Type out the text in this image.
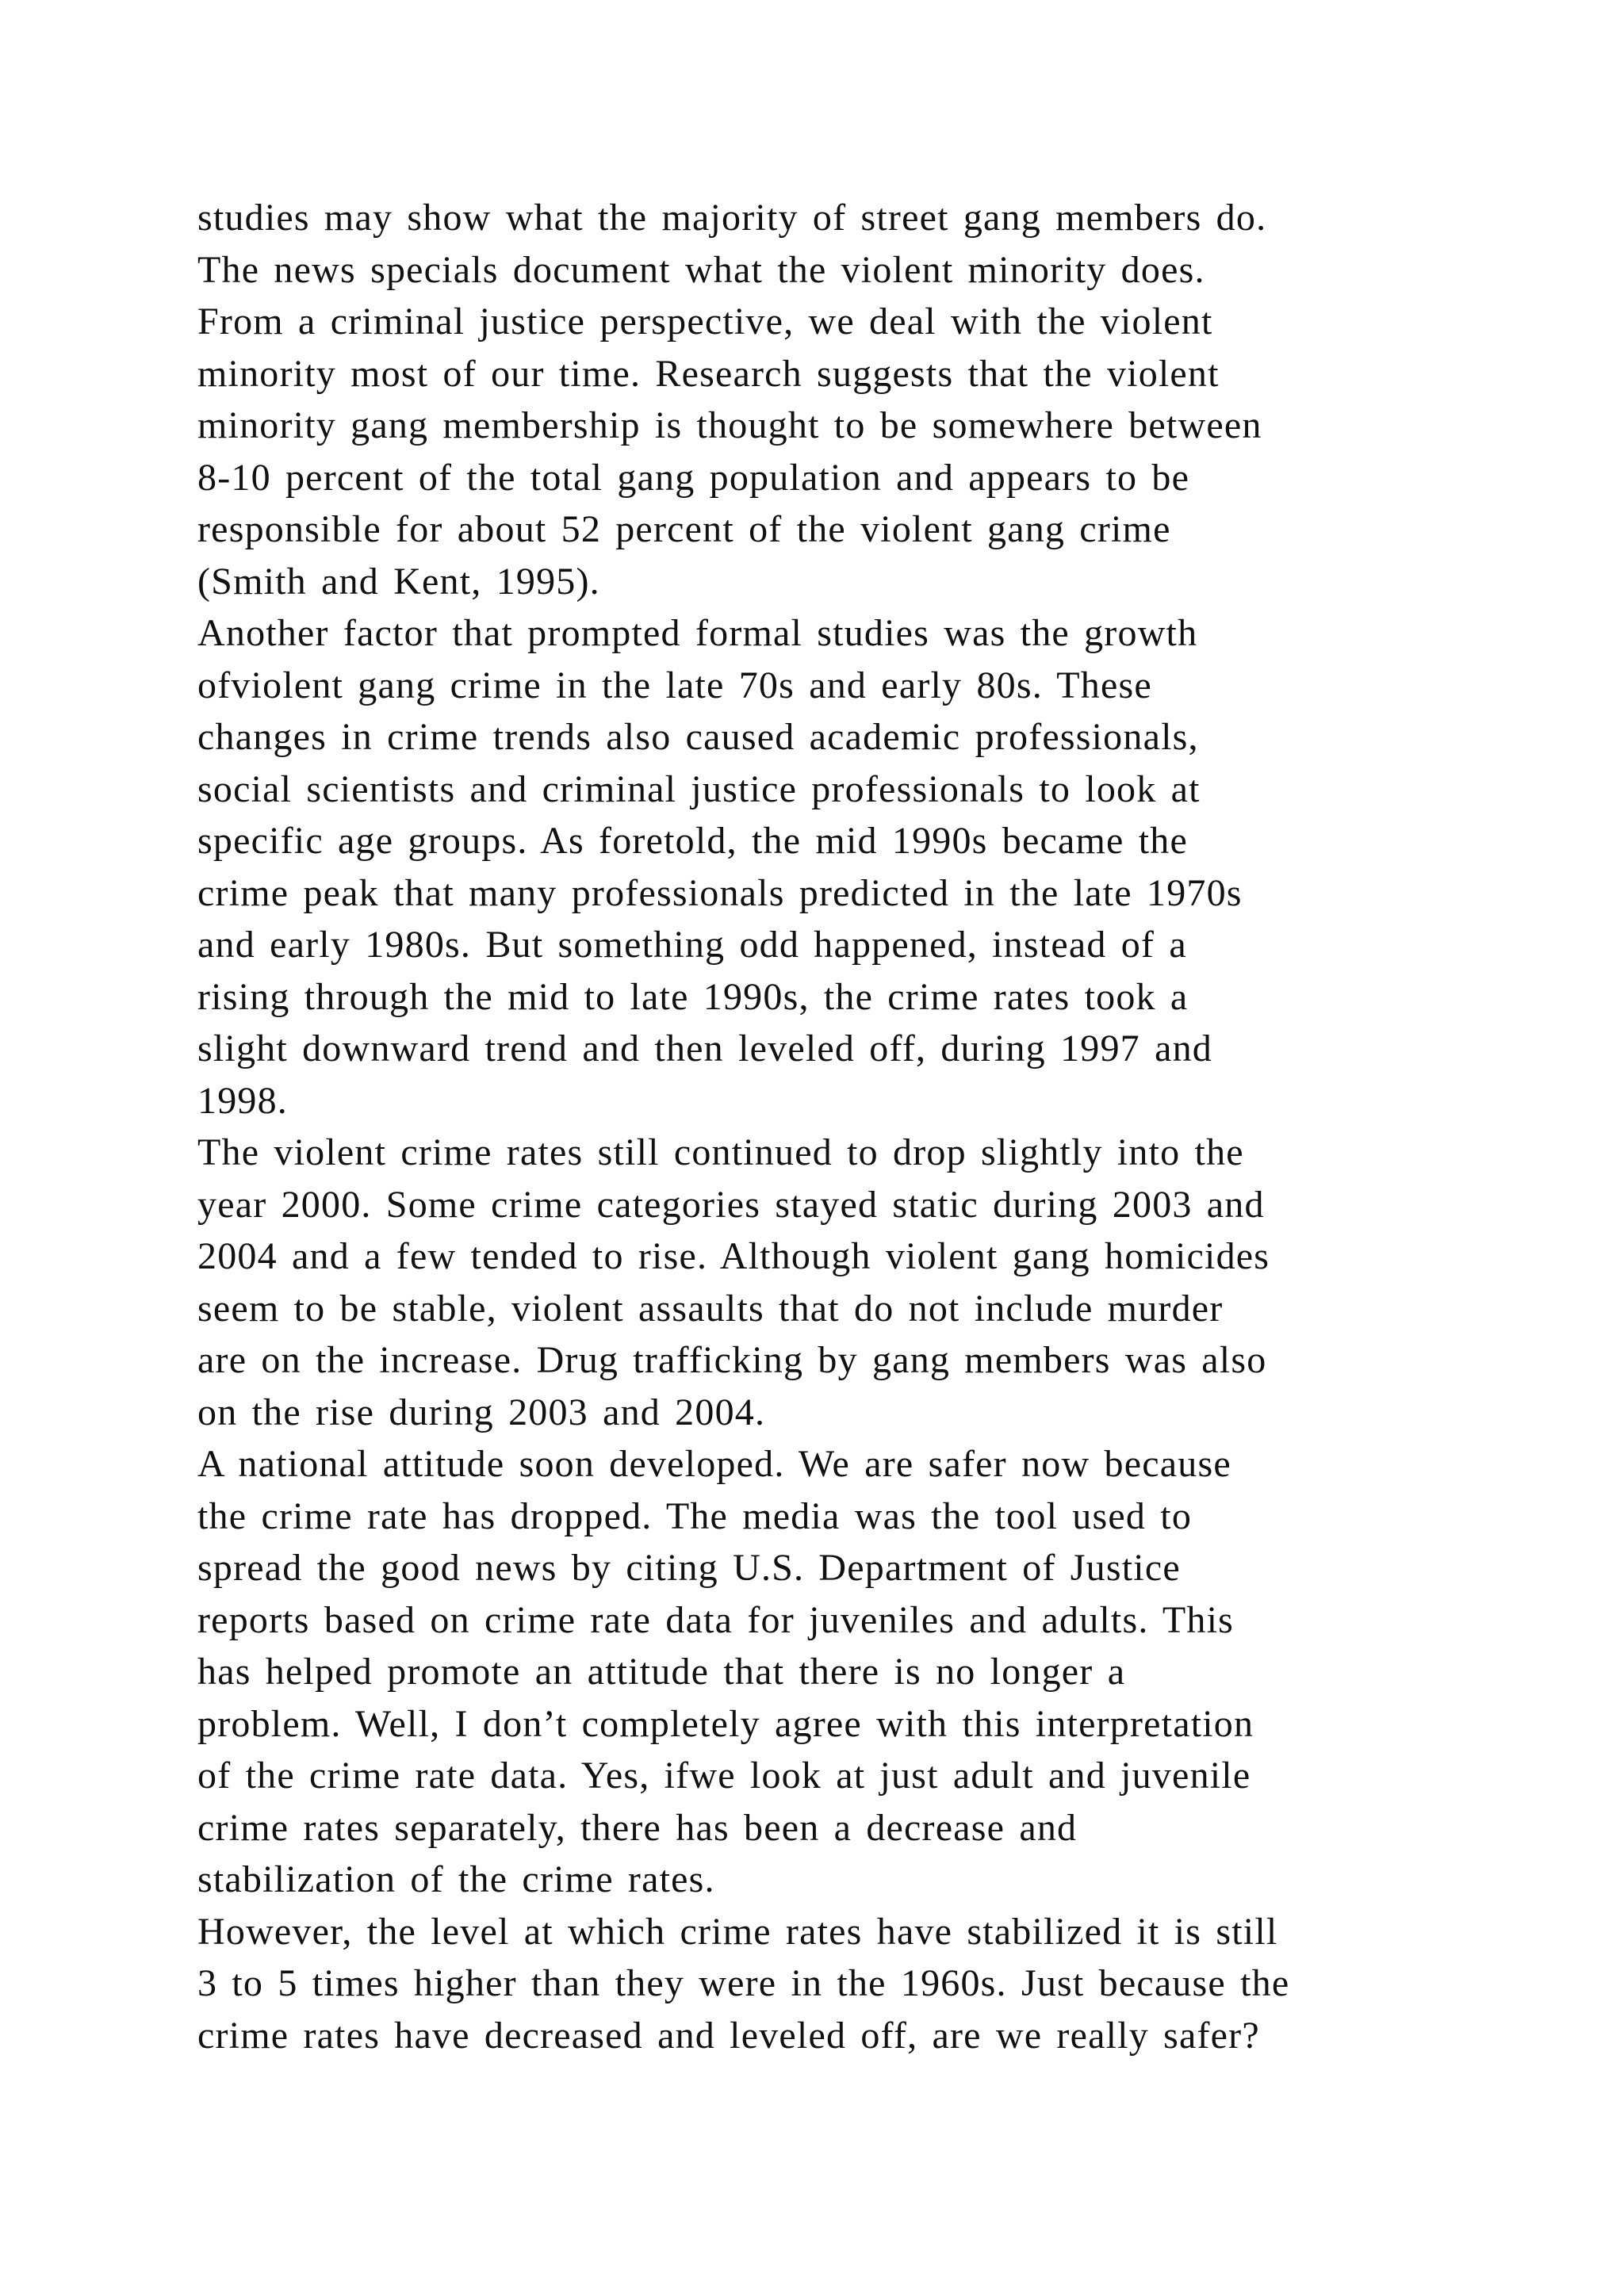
studies may show what the majority of street gang members do.
The news specials document what the violent minority does.
From a criminal justice perspective, we deal with the violent
minority most of our time. Research suggests that the violent
minority gang membership is thought to be somewhere between
8-10 percent of the total gang population and appears to be
responsible for about 52 percent of the violent gang crime
(Smith and Kent, 1995).
Another factor that prompted formal studies was the growth
ofviolent gang crime in the late 70s and early 80s. These
changes in crime trends also caused academic professionals,
social scientists and criminal justice professionals to look at
specific age groups. As foretold, the mid 1990s became the
crime peak that many professionals predicted in the late 1970s
and early 1980s. But something odd happened, instead of a
rising through the mid to late 1990s, the crime rates took a
slight downward trend and then leveled off, during 1997 and
1998.
The violent crime rates still continued to drop slightly into the
year 2000. Some crime categories stayed static during 2003 and
2004 and a few tended to rise. Although violent gang homicides
seem to be stable, violent assaults that do not include murder
are on the increase. Drug trafficking by gang members was also
on the rise during 2003 and 2004.
A national attitude soon developed. We are safer now because
the crime rate has dropped. The media was the tool used to
spread the good news by citing U.S. Department of Justice
reports based on crime rate data for juveniles and adults. This
has helped promote an attitude that there is no longer a
problem. Well, I don’t completely agree with this interpretation
of the crime rate data. Yes, ifwe look at just adult and juvenile
crime rates separately, there has been a decrease and
stabilization of the crime rates.
However, the level at which crime rates have stabilized it is still
3 to 5 times higher than they were in the 1960s. Just because the
crime rates have decreased and leveled off, are we really safer?
